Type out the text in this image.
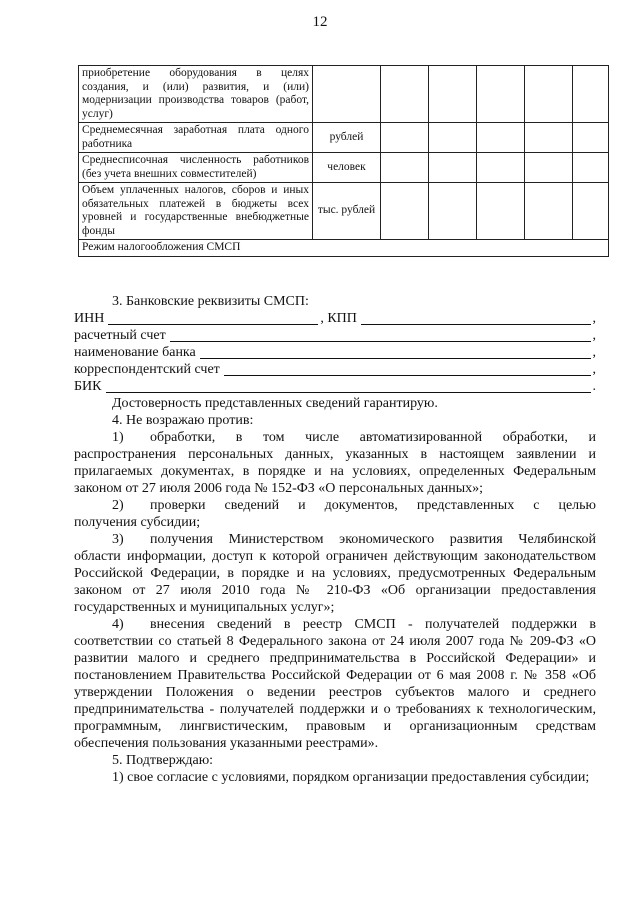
12
приобретение оборудования в целях создания, и (или) развития, и (или) модернизации производства товаров (работ, услуг)						
Среднемесячная заработная плата одного работника	рублей					
Среднесписочная численность работников (без учета внешних совместителей)	человек					
Объем уплаченных налогов, сборов и иных обязательных платежей в бюджеты всех уровней и государственные внебюджетные фонды	тыс. рублей					
Режим налогообложения СМСП						

3. Банковские реквизиты СМСП:

ИНН	, КПП	,
расчетный счет	,
наименование банка	,
корреспондентский счет	,
БИК	.

Достоверность представленных сведений гарантирую.

4. Не возражаю против:

1)	обработки, в том числе автоматизированной обработки, и

распространения персональных данных, указанных в настоящем заявлении и прилагаемых документах, в порядке и на условиях, определенных Федеральным законом от 27 июля 2006 года № 152-ФЗ «О персональных данных»;

2)	проверки сведений и документов, представленных с целью

получения субсидии;

3)	получения Министерством экономического развития Челябинской

области информации, доступ к которой ограничен действующим законодательством Российской Федерации, в порядке и на условиях, предусмотренных Федеральным законом от 27 июля 2010 года № 210-ФЗ «Об организации предоставления государственных и муниципальных услуг»;

4)	внесения сведений в реестр СМСП - получателей поддержки в

соответствии со статьей 8 Федерального закона от 24 июля 2007 года № 209-ФЗ «О развитии малого и среднего предпринимательства в Российской Федерации» и постановлением Правительства Российской Федерации от 6 мая 2008 г. № 358 «Об утверждении Положения о ведении реестров субъектов малого и среднего предпринимательства - получателей поддержки и о требованиях к технологическим, программным, лингвистическим, правовым и организационным средствам обеспечения пользования указанными реестрами».

5. Подтверждаю:

1) свое согласие с условиями, порядком организации предоставления субсидии;
